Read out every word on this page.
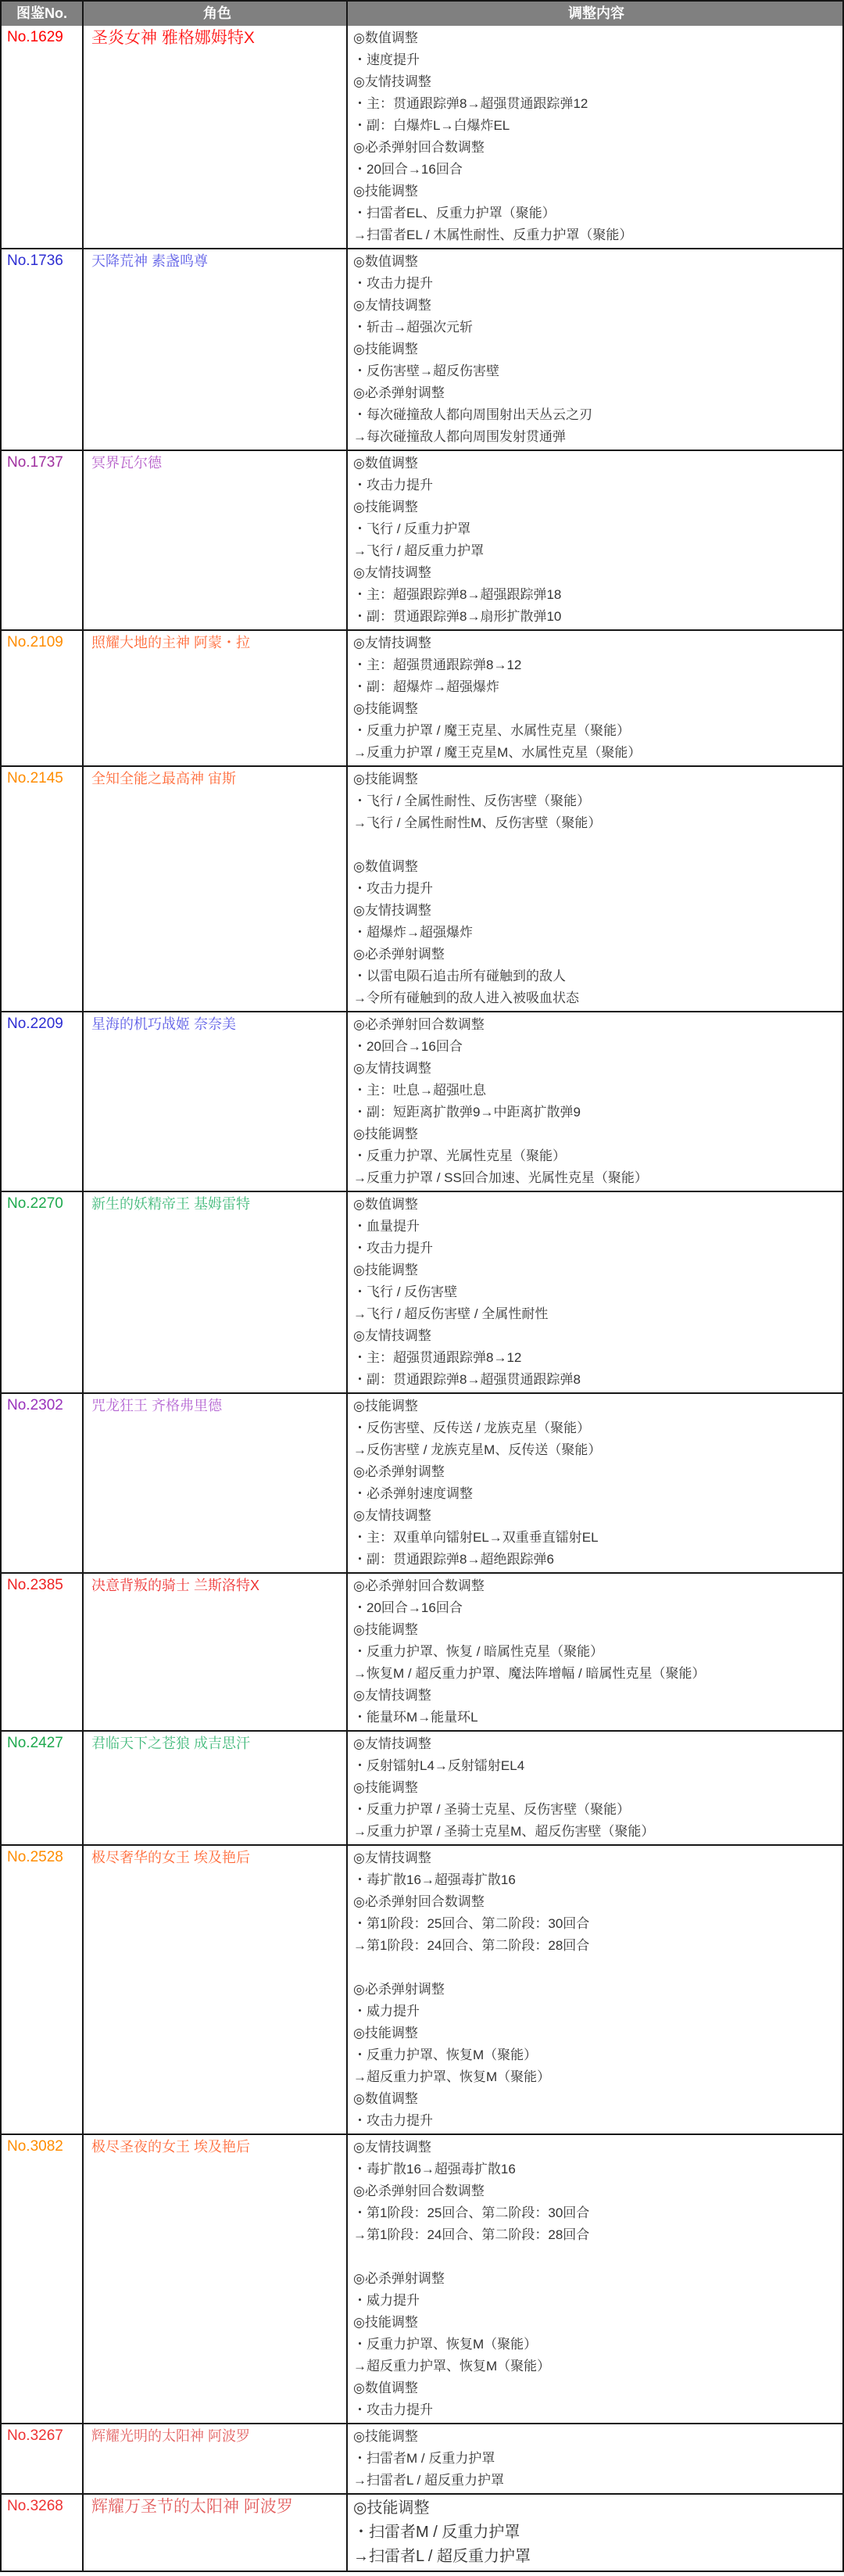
图鉴No.	角色	调整内容
No.1629	圣炎女神 雅格娜姆特X	◎数值调整
・速度提升
◎友情技调整
・主：贯通跟踪弹8→超强贯通跟踪弹12
・副：白爆炸L→白爆炸EL
◎必杀弹射回合数调整
・20回合→16回合
◎技能调整
・扫雷者EL、反重力护罩（聚能）
→扫雷者EL / 木属性耐性、反重力护罩（聚能）
No.1736	天降荒神 素盏鸣尊	◎数值调整
・攻击力提升
◎友情技调整
・斩击→超强次元斩
◎技能调整
・反伤害壁→超反伤害壁
◎必杀弹射调整
・每次碰撞敌人都向周围射出天丛云之刃
→每次碰撞敌人都向周围发射贯通弹
No.1737	冥界瓦尔德	◎数值调整
・攻击力提升
◎技能调整
・飞行 / 反重力护罩
→飞行 / 超反重力护罩
◎友情技调整
・主：超强跟踪弹8→超强跟踪弹18
・副：贯通跟踪弹8→扇形扩散弹10
No.2109	照耀大地的主神 阿蒙・拉	◎友情技调整
・主：超强贯通跟踪弹8→12
・副：超爆炸→超强爆炸
◎技能调整
・反重力护罩 / 魔王克星、水属性克星（聚能）
→反重力护罩 / 魔王克星M、水属性克星（聚能）
No.2145	全知全能之最高神 宙斯	◎技能调整
・飞行 / 全属性耐性、反伤害壁（聚能）
→飞行 / 全属性耐性M、反伤害壁（聚能）
◎数值调整
・攻击力提升
◎友情技调整
・超爆炸→超强爆炸
◎必杀弹射调整
・以雷电陨石追击所有碰触到的敌人
→令所有碰触到的敌人进入被吸血状态
No.2209	星海的机巧战姬 奈奈美	◎必杀弹射回合数调整
・20回合→16回合
◎友情技调整
・主：吐息→超强吐息
・副：短距离扩散弹9→中距离扩散弹9
◎技能调整
・反重力护罩、光属性克星（聚能）
→反重力护罩 / SS回合加速、光属性克星（聚能）
No.2270	新生的妖精帝王 基姆雷特	◎数值调整
・血量提升
・攻击力提升
◎技能调整
・飞行 / 反伤害壁
→飞行 / 超反伤害壁 / 全属性耐性
◎友情技调整
・主：超强贯通跟踪弹8→12
・副：贯通跟踪弹8→超强贯通跟踪弹8
No.2302	咒龙狂王 齐格弗里德	◎技能调整
・反伤害壁、反传送 / 龙族克星（聚能）
→反伤害壁 / 龙族克星M、反传送（聚能）
◎必杀弹射调整
・必杀弹射速度调整
◎友情技调整
・主：双重单向镭射EL→双重垂直镭射EL
・副：贯通跟踪弹8→超绝跟踪弹6
No.2385	决意背叛的骑士 兰斯洛特X	◎必杀弹射回合数调整
・20回合→16回合
◎技能调整
・反重力护罩、恢复 / 暗属性克星（聚能）
→恢复M / 超反重力护罩、魔法阵增幅 / 暗属性克星（聚能）
◎友情技调整
・能量环M→能量环L
No.2427	君临天下之苍狼 成吉思汗	◎友情技调整
・反射镭射L4→反射镭射EL4
◎技能调整
・反重力护罩 / 圣骑士克星、反伤害壁（聚能）
→反重力护罩 / 圣骑士克星M、超反伤害壁（聚能）
No.2528	极尽奢华的女王 埃及艳后	◎友情技调整
・毒扩散16→超强毒扩散16
◎必杀弹射回合数调整
・第1阶段：25回合、第二阶段：30回合
→第1阶段：24回合、第二阶段：28回合
◎必杀弹射调整
・威力提升
◎技能调整
・反重力护罩、恢复M（聚能）
→超反重力护罩、恢复M（聚能）
◎数值调整
・攻击力提升
No.3082	极尽圣夜的女王 埃及艳后	◎友情技调整
・毒扩散16→超强毒扩散16
◎必杀弹射回合数调整
・第1阶段：25回合、第二阶段：30回合
→第1阶段：24回合、第二阶段：28回合
◎必杀弹射调整
・威力提升
◎技能调整
・反重力护罩、恢复M（聚能）
→超反重力护罩、恢复M（聚能）
◎数值调整
・攻击力提升
No.3267	辉耀光明的太阳神 阿波罗	◎技能调整
・扫雷者M / 反重力护罩
→扫雷者L / 超反重力护罩
No.3268	辉耀万圣节的太阳神 阿波罗	◎技能调整
・扫雷者M / 反重力护罩
→扫雷者L / 超反重力护罩
